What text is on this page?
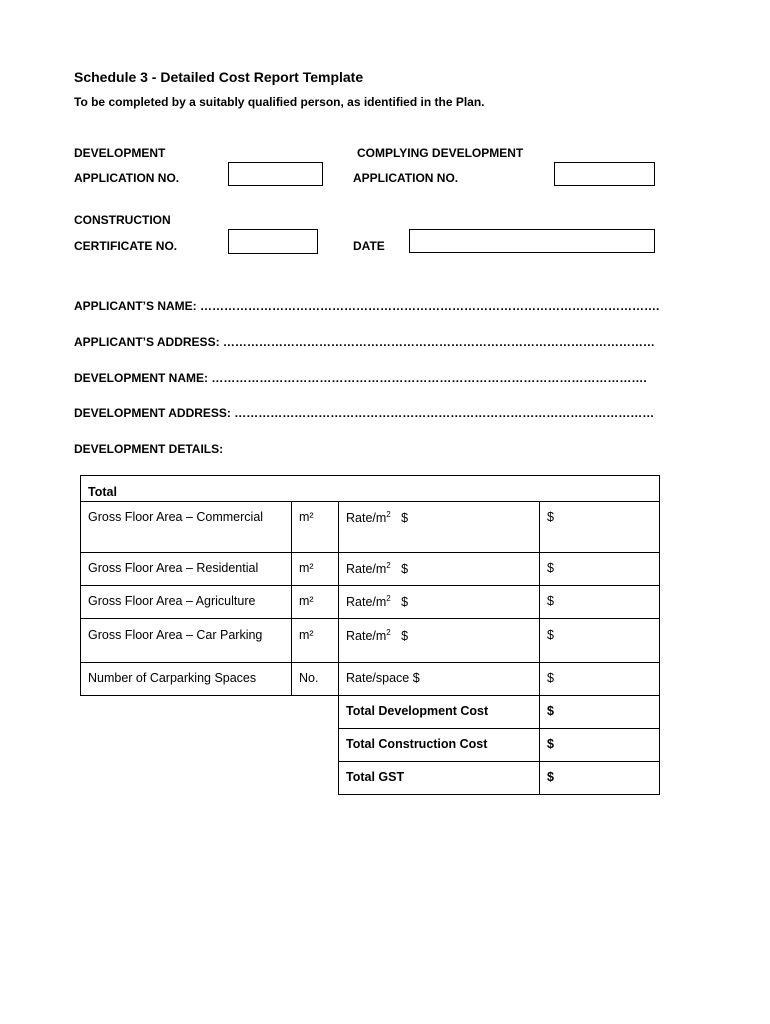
Schedule 3 - Detailed Cost Report Template
To be completed by a suitably qualified person, as identified in the Plan.
DEVELOPMENT
APPLICATION NO.
COMPLYING DEVELOPMENT
APPLICATION NO.
CONSTRUCTION
CERTIFICATE NO.	DATE
APPLICANT’S NAME: …………………………………………………………………………………………………….
APPLICANT’S ADDRESS: ………………………………………………………………………………………………
DEVELOPMENT NAME: ……………………………………………………………………………………………….
DEVELOPMENT ADDRESS: ……………………………………………………………………………………………
DEVELOPMENT DETAILS:
Total			
Gross Floor Area – Commercial	m²	Rate/$m^2$ $	$
Gross Floor Area – Residential	m²	Rate/$m^2$ $	$
Gross Floor Area – Agriculture	m²	Rate/$m^2$ $	$
Gross Floor Area – Car Parking	m²	Rate/$m^2$ $	$
Number of Carparking Spaces	No.	Rate/space $	$
		Total Development Cost	$
		Total Construction Cost	$
		Total GST	$
